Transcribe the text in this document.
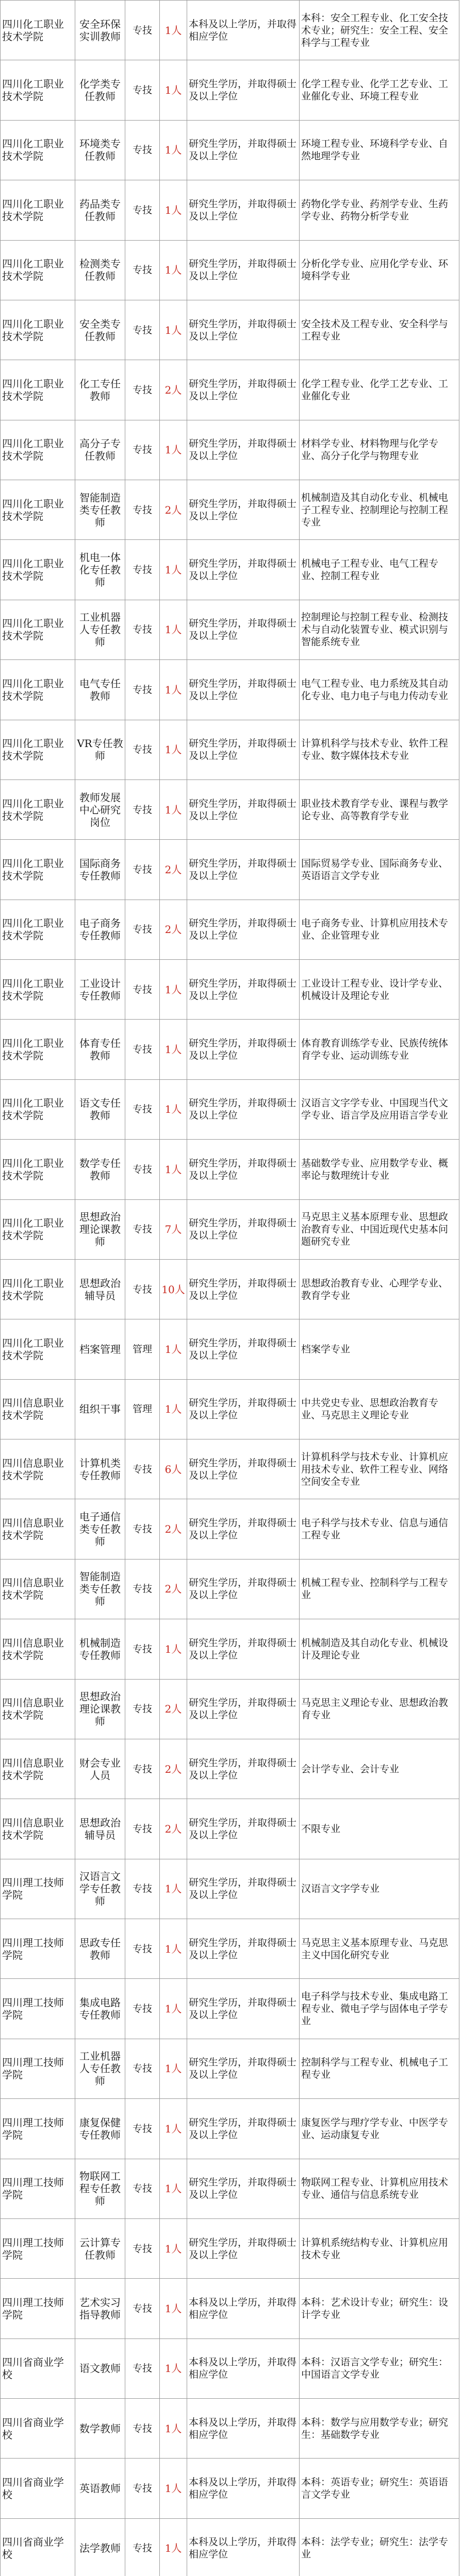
四川化工职业技术学院	安全环保实训教师	专技	1人	本科及以上学历，并取得相应学位	本科：安全工程专业、化工安全技术专业；研究生：安全工程、安全科学与工程专业
四川化工职业技术学院	化学类专任教师	专技	1人	研究生学历，并取得硕士及以上学位	化学工程专业、化学工艺专业、工业催化专业、环境工程专业
四川化工职业技术学院	环境类专任教师	专技	1人	研究生学历，并取得硕士及以上学位	环境工程专业、环境科学专业、自然地理学专业
四川化工职业技术学院	药品类专任教师	专技	1人	研究生学历，并取得硕士及以上学位	药物化学专业、药剂学专业、生药学专业、药物分析学专业
四川化工职业技术学院	检测类专任教师	专技	1人	研究生学历，并取得硕士及以上学位	分析化学专业、应用化学专业、环境科学专业
四川化工职业技术学院	安全类专任教师	专技	1人	研究生学历，并取得硕士及以上学位	安全技术及工程专业、安全科学与工程专业
四川化工职业技术学院	化工专任教师	专技	2人	研究生学历，并取得硕士及以上学位	化学工程专业、化学工艺专业、工业催化专业
四川化工职业技术学院	高分子专任教师	专技	1人	研究生学历，并取得硕士及以上学位	材料学专业、材料物理与化学专业、高分子化学与物理专业
四川化工职业技术学院	智能制造类专任教师	专技	2人	研究生学历，并取得硕士及以上学位	机械制造及其自动化专业、机械电子工程专业、控制理论与控制工程专业
四川化工职业技术学院	机电一体化专任教师	专技	1人	研究生学历，并取得硕士及以上学位	机械电子工程专业、电气工程专业、控制工程专业
四川化工职业技术学院	工业机器人专任教师	专技	1人	研究生学历，并取得硕士及以上学位	控制理论与控制工程专业、检测技术与自动化装置专业、模式识别与智能系统专业
四川化工职业技术学院	电气专任教师	专技	1人	研究生学历，并取得硕士及以上学位	电气工程专业、电力系统及其自动化专业、电力电子与电力传动专业
四川化工职业技术学院	VR专任教师	专技	1人	研究生学历，并取得硕士及以上学位	计算机科学与技术专业、软件工程专业、数字媒体技术专业
四川化工职业技术学院	教师发展中心研究岗位	专技	1人	研究生学历，并取得硕士及以上学位	职业技术教育学专业、课程与教学论专业、高等教育学专业
四川化工职业技术学院	国际商务专任教师	专技	2人	研究生学历，并取得硕士及以上学位	国际贸易学专业、国际商务专业、英语语言文学专业
四川化工职业技术学院	电子商务专任教师	专技	2人	研究生学历，并取得硕士及以上学位	电子商务专业、计算机应用技术专业、企业管理专业
四川化工职业技术学院	工业设计专任教师	专技	1人	研究生学历，并取得硕士及以上学位	工业设计工程专业、设计学专业、机械设计及理论专业
四川化工职业技术学院	体育专任教师	专技	1人	研究生学历，并取得硕士及以上学位	体育教育训练学专业、民族传统体育学专业、运动训练专业
四川化工职业技术学院	语文专任教师	专技	1人	研究生学历，并取得硕士及以上学位	汉语言文字学专业、中国现当代文学专业、语言学及应用语言学专业
四川化工职业技术学院	数学专任教师	专技	1人	研究生学历，并取得硕士及以上学位	基础数学专业、应用数学专业、概率论与数理统计专业
四川化工职业技术学院	思想政治理论课教师	专技	7人	研究生学历，并取得硕士及以上学位	马克思主义基本原理专业、思想政治教育专业、中国近现代史基本问题研究专业
四川化工职业技术学院	思想政治辅导员	专技	10人	研究生学历，并取得硕士及以上学位	思想政治教育专业、心理学专业、教育学专业
四川化工职业技术学院	档案管理	管理	1人	研究生学历，并取得硕士及以上学位	档案学专业
四川信息职业技术学院	组织干事	管理	1人	研究生学历，并取得硕士及以上学位	中共党史专业、思想政治教育专业、马克思主义理论专业
四川信息职业技术学院	计算机类专任教师	专技	6人	研究生学历，并取得硕士及以上学位	计算机科学与技术专业、计算机应用技术专业、软件工程专业、网络空间安全专业
四川信息职业技术学院	电子通信类专任教师	专技	2人	研究生学历，并取得硕士及以上学位	电子科学与技术专业、信息与通信工程专业
四川信息职业技术学院	智能制造类专任教师	专技	2人	研究生学历，并取得硕士及以上学位	机械工程专业、控制科学与工程专业
四川信息职业技术学院	机械制造专任教师	专技	1人	研究生学历，并取得硕士及以上学位	机械制造及其自动化专业、机械设计及理论专业
四川信息职业技术学院	思想政治理论课教师	专技	2人	研究生学历，并取得硕士及以上学位	马克思主义理论专业、思想政治教育专业
四川信息职业技术学院	财会专业人员	专技	2人	研究生学历，并取得硕士及以上学位	会计学专业、会计专业
四川信息职业技术学院	思想政治辅导员	专技	2人	研究生学历，并取得硕士及以上学位	不限专业
四川理工技师学院	汉语言文学专任教师	专技	1人	研究生学历，并取得硕士及以上学位	汉语言文字学专业
四川理工技师学院	思政专任教师	专技	1人	研究生学历，并取得硕士及以上学位	马克思主义基本原理专业、马克思主义中国化研究专业
四川理工技师学院	集成电路专任教师	专技	1人	研究生学历，并取得硕士及以上学位	电子科学与技术专业、集成电路工程专业、微电子学与固体电子学专业
四川理工技师学院	工业机器人专任教师	专技	1人	研究生学历，并取得硕士及以上学位	控制科学与工程专业、机械电子工程专业
四川理工技师学院	康复保健专任教师	专技	1人	研究生学历，并取得硕士及以上学位	康复医学与理疗学专业、中医学专业、运动康复专业
四川理工技师学院	物联网工程专任教师	专技	1人	研究生学历，并取得硕士及以上学位	物联网工程专业、计算机应用技术专业、通信与信息系统专业
四川理工技师学院	云计算专任教师	专技	1人	研究生学历，并取得硕士及以上学位	计算机系统结构专业、计算机应用技术专业
四川理工技师学院	艺术实习指导教师	专技	1人	本科及以上学历，并取得相应学位	本科：艺术设计专业；研究生：设计学专业
四川省商业学校	语文教师	专技	1人	本科及以上学历，并取得相应学位	本科：汉语言文学专业；研究生：中国语言文学专业
四川省商业学校	数学教师	专技	1人	本科及以上学历，并取得相应学位	本科：数学与应用数学专业；研究生：基础数学专业
四川省商业学校	英语教师	专技	1人	本科及以上学历，并取得相应学位	本科：英语专业；研究生：英语语言文学专业
四川省商业学校	法学教师	专技	1人	本科及以上学历，并取得相应学位	本科：法学专业；研究生：法学专业
